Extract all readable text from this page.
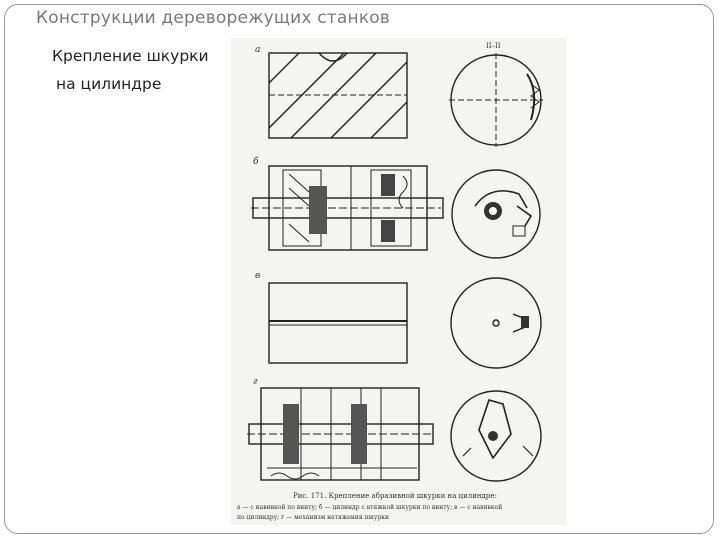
Конструкции дереворежущих станков
Крепление шкурки
на цилиндре
а
б
в
г
II–II
Рис. 171. Крепление абразивной шкурки на цилиндре:
а — с навивкой по винту; б — цилиндр с втяжкой шкурки по винту; в — с навивкой
по цилиндру; г — механизм натяжения шкурки
